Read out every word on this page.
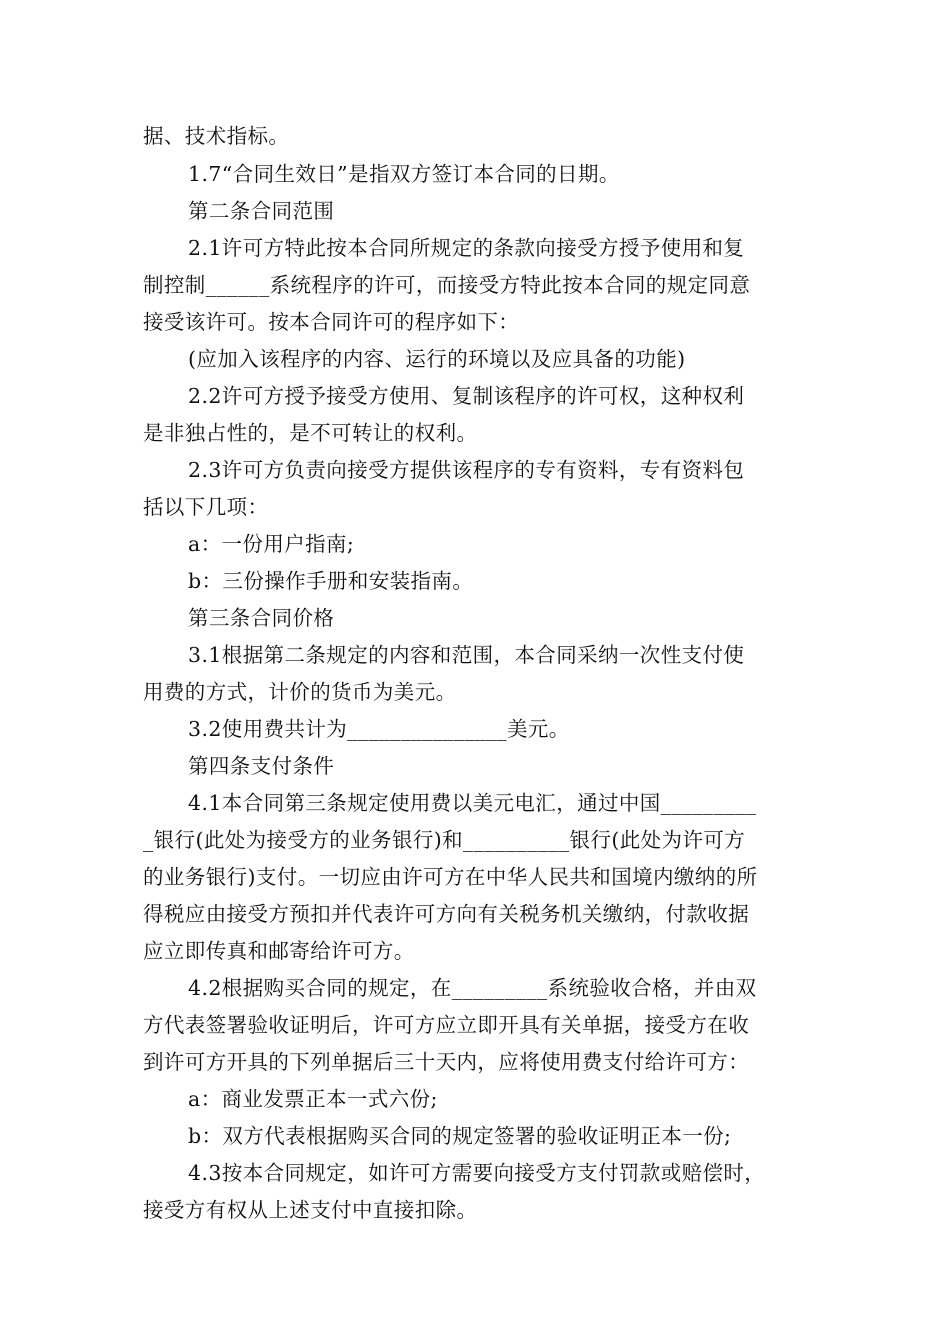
据、技术指标。
1.7“合同生效日”是指双方签订本合同的日期。
第二条合同范围
2.1许可方特此按本合同所规定的条款向接受方授予使用和复
制控制______系统程序的许可，而接受方特此按本合同的规定同意
接受该许可。按本合同许可的程序如下：
(应加入该程序的内容、运行的环境以及应具备的功能)
2.2许可方授予接受方使用、复制该程序的许可权，这种权利
是非独占性的，是不可转让的权利。
2.3许可方负责向接受方提供该程序的专有资料，专有资料包
括以下几项：
a：一份用户指南;
b：三份操作手册和安装指南。
第三条合同价格
3.1根据第二条规定的内容和范围，本合同采纳一次性支付使
用费的方式，计价的货币为美元。
3.2使用费共计为_______________美元。
第四条支付条件
4.1本合同第三条规定使用费以美元电汇，通过中国_________
_银行(此处为接受方的业务银行)和__________银行(此处为许可方
的业务银行)支付。一切应由许可方在中华人民共和国境内缴纳的所
得税应由接受方预扣并代表许可方向有关税务机关缴纳，付款收据
应立即传真和邮寄给许可方。
4.2根据购买合同的规定，在_________系统验收合格，并由双
方代表签署验收证明后，许可方应立即开具有关单据，接受方在收
到许可方开具的下列单据后三十天内，应将使用费支付给许可方：
a：商业发票正本一式六份;
b：双方代表根据购买合同的规定签署的验收证明正本一份;
4.3按本合同规定，如许可方需要向接受方支付罚款或赔偿时，
接受方有权从上述支付中直接扣除。
